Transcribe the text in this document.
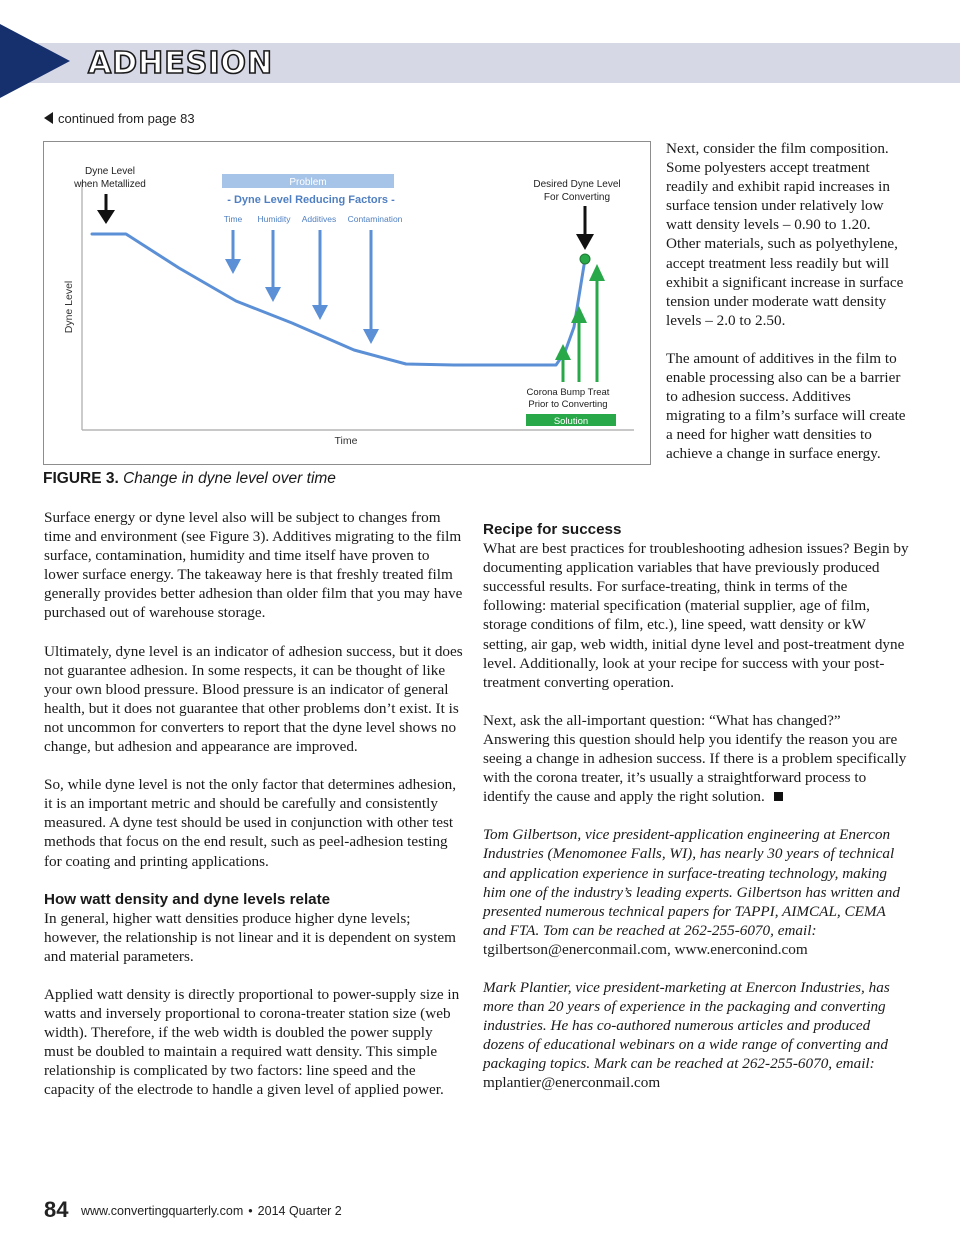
ADHESION
continued from page 83
Dyne Level
Time
Dyne Level
when Metallized	Problem
- Dyne Level Reducing Factors -
Time Humidity Additives Contamination
Desired Dyne Level
For Converting
Corona Bump Treat
Prior to Converting
Solution
FIGURE 3. Change in dyne level over time

Next, consider the film composition. Some polyesters accept treatment readily and exhibit rapid increases in surface tension under relatively low watt density levels – 0.90 to 1.20. Other materials, such as polyethylene, accept treatment less readily but will exhibit a significant increase in surface tension under moderate watt density levels – 2.0 to 2.50.

The amount of additives in the film to enable processing also can be a barrier to adhesion success. Additives migrating to a film’s surface will create a need for higher watt densities to achieve a change in surface energy.

Surface energy or dyne level also will be subject to changes from time and environment (see Figure 3). Additives migrating to the film surface, contamination, humidity and time itself have proven to lower surface energy. The takeaway here is that freshly treated film generally provides better adhesion than older film that you may have purchased out of warehouse storage.

Ultimately, dyne level is an indicator of adhesion success, but it does not guarantee adhesion. In some respects, it can be thought of like your own blood pressure. Blood pressure is an indicator of general health, but it does not guarantee that other problems don’t exist. It is not uncommon for converters to report that the dyne level shows no change, but adhesion and appearance are improved.

So, while dyne level is not the only factor that determines adhesion, it is an important metric and should be carefully and consistently measured. A dyne test should be used in conjunction with other test methods that focus on the end result, such as peel-adhesion testing for coating and printing applications.

How watt density and dyne levels relate

In general, higher watt densities produce higher dyne levels; however, the relationship is not linear and it is dependent on system and material parameters.

Applied watt density is directly proportional to power-supply size in watts and inversely proportional to corona-treater station size (web width). Therefore, if the web width is doubled the power supply must be doubled to maintain a required watt density. This simple relationship is complicated by two factors: line speed and the capacity of the electrode to handle a given level of applied power.

Recipe for success

What are best practices for troubleshooting adhesion issues? Begin by documenting application variables that have previously produced successful results. For surface-treating, think in terms of the following: material specification (material supplier, age of film, storage conditions of film, etc.), line speed, watt density or kW setting, air gap, web width, initial dyne level and post-treatment dyne level. Additionally, look at your recipe for success with your post-treatment converting operation.

Next, ask the all-important question: “What has changed?” Answering this question should help you identify the reason you are seeing a change in adhesion success. If there is a problem specifically with the corona treater, it’s usually a straightforward process to identify the cause and apply the right solution.

Tom Gilbertson, vice president-application engineering at Enercon Industries (Menomonee Falls, WI), has nearly 30 years of technical and application experience in surface-treating technology, making him one of the industry’s leading experts. Gilbertson has written and presented numerous technical papers for TAPPI, AIMCAL, CEMA and FTA. Tom can be reached at 262-255-6070, email: tgilbertson@enerconmail.com, www.enerconind.com

Mark Plantier, vice president-marketing at Enercon Industries, has more than 20 years of experience in the packaging and converting industries. He has co-authored numerous articles and produced dozens of educational webinars on a wide range of converting and packaging topics. Mark can be reached at 262-255-6070, email: mplantier@enerconmail.com

84 www.convertingquarterly.com • 2014 Quarter 2
